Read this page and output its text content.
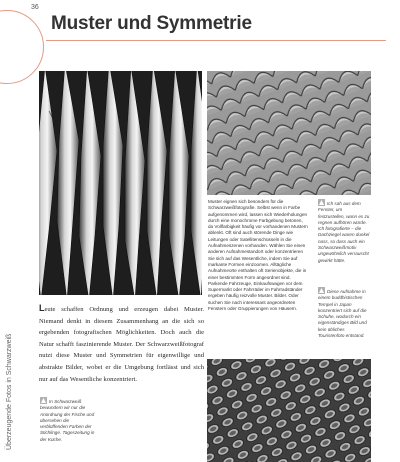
36
Muster und Symmetrie
Überzeugende Fotos in Schwarzweiß

Leute schaffen Ordnung und erzeugen dabei Muster. Niemand denkt in diesem Zusammenhang an die sich so ergebenden fotografischen Möglichkeiten. Doch auch die Natur schafft faszinierende Muster. Der Schwarzweißfotograf nutzt diese Muster und Symmetrien für eigenwillige und abstrakte Bilder, wobei er die Umgebung fortlässt und sich nur auf das Wesentliche konzentriert.

Muster eignen sich besonders für die Schwarzweißfotografie. Selbst wenn in Farbe aufgenommen wird, lassen sich Wiederholungen durch eine monochrome Farbgebung betonen, da Vollfarbigkeit häufig vor vorhandenen Mustern ablenkt. Oft sind auch störende Dinge wie Leitungen oder Satellitenschüsseln in die Aufnahmeszenen vorhanden. Wählen Sie einen anderen Aufnahmestandort oder konzentrieren Sie sich auf das Wesentliche, indem Sie auf markante Formen einzoomen. Alltägliche Aufnahmeorte enthalten oft Serienobjekte, die in einer bestimmten Form angeordnet sind. Parkende Fahrzeuge, Einkaufswagen vor dem Supermarkt oder Fahrräder im Fahrradständer ergeben häufig reizvolle Muster. Bilder. Oder suchen Sie nach interessant angeordneten Fenstern oder Gruppierungen von Häusern.

Ich sah aus dem Fenster, um festzustellen, wann es zu regnen aufhören würde. Ich fotografierte – die Dachziegel waren dunkel nass, so dass auch ein Schwarzweißmotiv ungewöhnlich verrauscht gewirkt hätte.

Diese Aufnahme in einem buddhistischen Tempel in Japan konzentriert sich auf die Schuhe, wodurch ein eigenständiges Bild und kein übliches Touristenfoto entstand.

In Schwarzweiß bewundern wir nur die Anordnung der Fische und übersehen die verblüffenden Farben der Stichlinge. Tageszeitung in der Küche.
